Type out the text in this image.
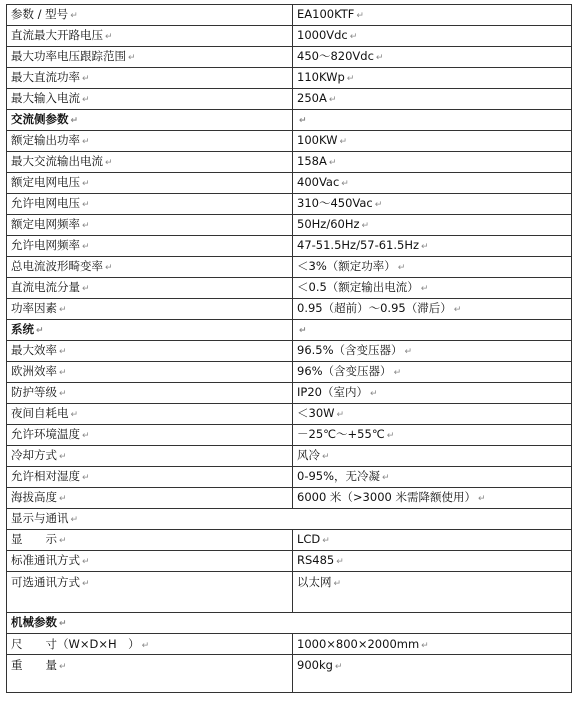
参数 / 型号 ↵	EA100KTF ↵
直流最大开路电压 ↵	1000Vdc ↵
最大功率电压跟踪范围 ↵	450～820Vdc ↵
最大直流功率 ↵	110KWp ↵
最大输入电流 ↵	250A ↵
交流侧参数 ↵	↵
额定输出功率 ↵	100KW ↵
最大交流输出电流 ↵	158A ↵
额定电网电压 ↵	400Vac ↵
允许电网电压 ↵	310～450Vac ↵
额定电网频率 ↵	50Hz/60Hz ↵
允许电网频率 ↵	47-51.5Hz/57-61.5Hz ↵
总电流波形畸变率 ↵	＜3%（额定功率） ↵
直流电流分量 ↵	＜0.5（额定输出电流） ↵
功率因素 ↵	0.95（超前）～0.95（滞后） ↵
系统 ↵	↵
最大效率 ↵	96.5%（含变压器） ↵
欧洲效率 ↵	96%（含变压器） ↵
防护等级 ↵	IP20（室内） ↵
夜间自耗电 ↵	＜30W ↵
允许环境温度 ↵	－25℃～+55℃ ↵
冷却方式 ↵	风冷 ↵
允许相对湿度 ↵	0-95%，无冷凝 ↵
海拔高度 ↵	6000 米（>3000 米需降额使用） ↵
显示与通讯 ↵	
显　　示 ↵	LCD ↵
标准通讯方式 ↵	RS485 ↵
可选通讯方式 ↵	以太网 ↵
机械参数 ↵	
尺　　寸（W×D×H　） ↵	1000×800×2000mm ↵
重　　量 ↵	900kg ↵
